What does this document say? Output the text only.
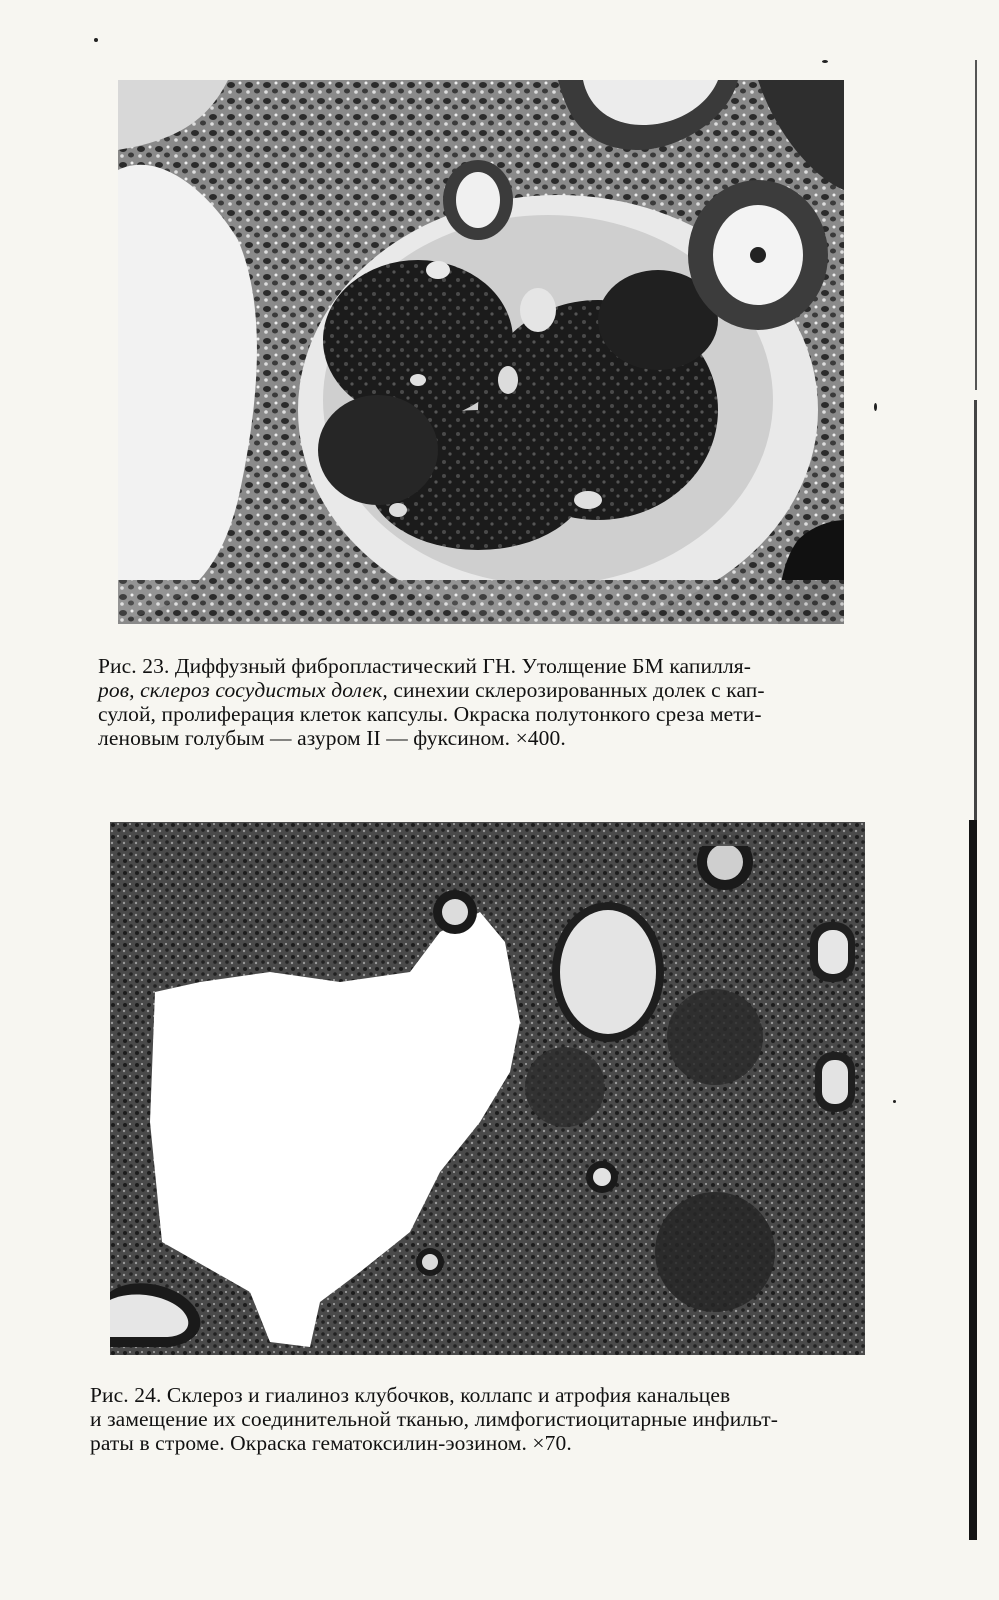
Рис. 23. Диффузный фибропластический ГН. Утолщение БМ капилля-
ров, склероз сосудистых долек, синехии склерозированных долек с кап-
сулой, пролиферация клеток капсулы. Окраска полутонкого среза мети-
леновым голубым — азуром II — фуксином. ×400.
Рис. 24. Склероз и гиалиноз клубочков, коллапс и атрофия канальцев
и замещение их соединительной тканью, лимфогистиоцитарные инфильт-
раты в строме. Окраска гематоксилин-эозином. ×70.
